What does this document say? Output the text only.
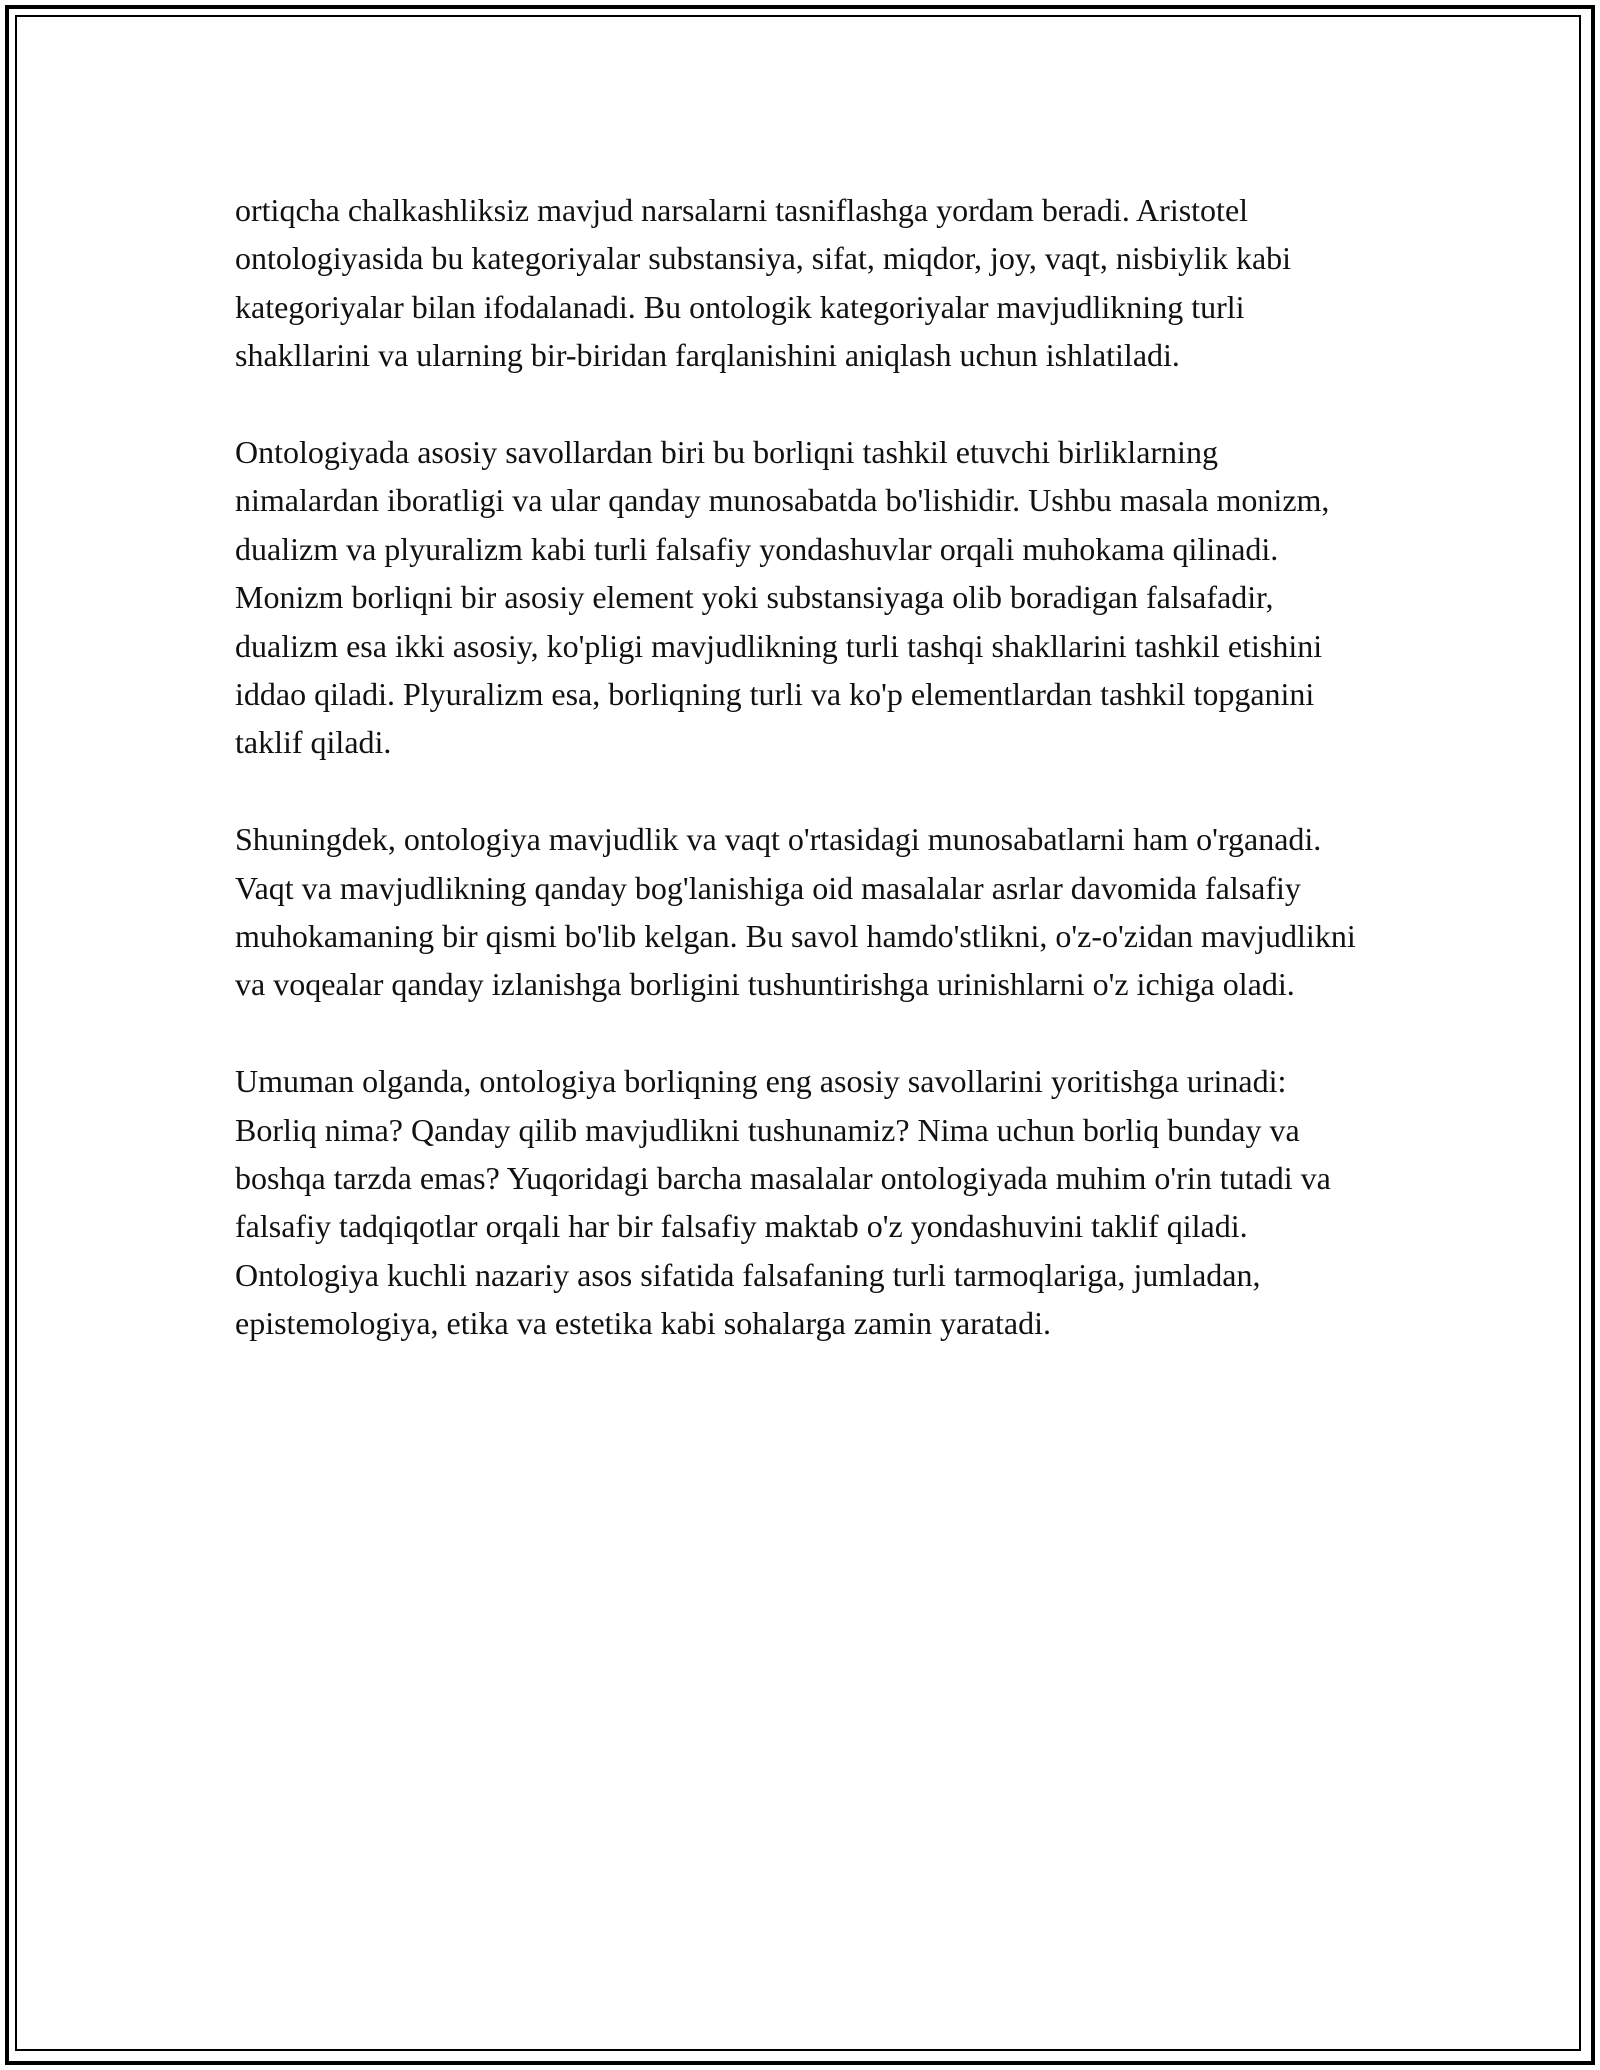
ortiqcha chalkashliksiz mavjud narsalarni tasniflashga yordam beradi. Aristotel ontologiyasida bu kategoriyalar substansiya, sifat, miqdor, joy, vaqt, nisbiylik kabi kategoriyalar bilan ifodalanadi. Bu ontologik kategoriyalar mavjudlikning turli shakllarini va ularning bir-biridan farqlanishini aniqlash uchun ishlatiladi.

Ontologiyada asosiy savollardan biri bu borliqni tashkil etuvchi birliklarning nimalardan iboratligi va ular qanday munosabatda bo'lishidir. Ushbu masala monizm, dualizm va plyuralizm kabi turli falsafiy yondashuvlar orqali muhokama qilinadi. Monizm borliqni bir asosiy element yoki substansiyaga olib boradigan falsafadir, dualizm esa ikki asosiy, ko'pligi mavjudlikning turli tashqi shakllarini tashkil etishini iddao qiladi. Plyuralizm esa, borliqning turli va ko'p elementlardan tashkil topganini taklif qiladi.

Shuningdek, ontologiya mavjudlik va vaqt o'rtasidagi munosabatlarni ham o'rganadi. Vaqt va mavjudlikning qanday bog'lanishiga oid masalalar asrlar davomida falsafiy muhokamaning bir qismi bo'lib kelgan. Bu savol hamdo'stlikni, o'z-o'zidan mavjudlikni va voqealar qanday izlanishga borligini tushuntirishga urinishlarni o'z ichiga oladi.

Umuman olganda, ontologiya borliqning eng asosiy savollarini yoritishga urinadi: Borliq nima? Qanday qilib mavjudlikni tushunamiz? Nima uchun borliq bunday va boshqa tarzda emas? Yuqoridagi barcha masalalar ontologiyada muhim o'rin tutadi va falsafiy tadqiqotlar orqali har bir falsafiy maktab o'z yondashuvini taklif qiladi. Ontologiya kuchli nazariy asos sifatida falsafaning turli tarmoqlariga, jumladan, epistemologiya, etika va estetika kabi sohalarga zamin yaratadi.
